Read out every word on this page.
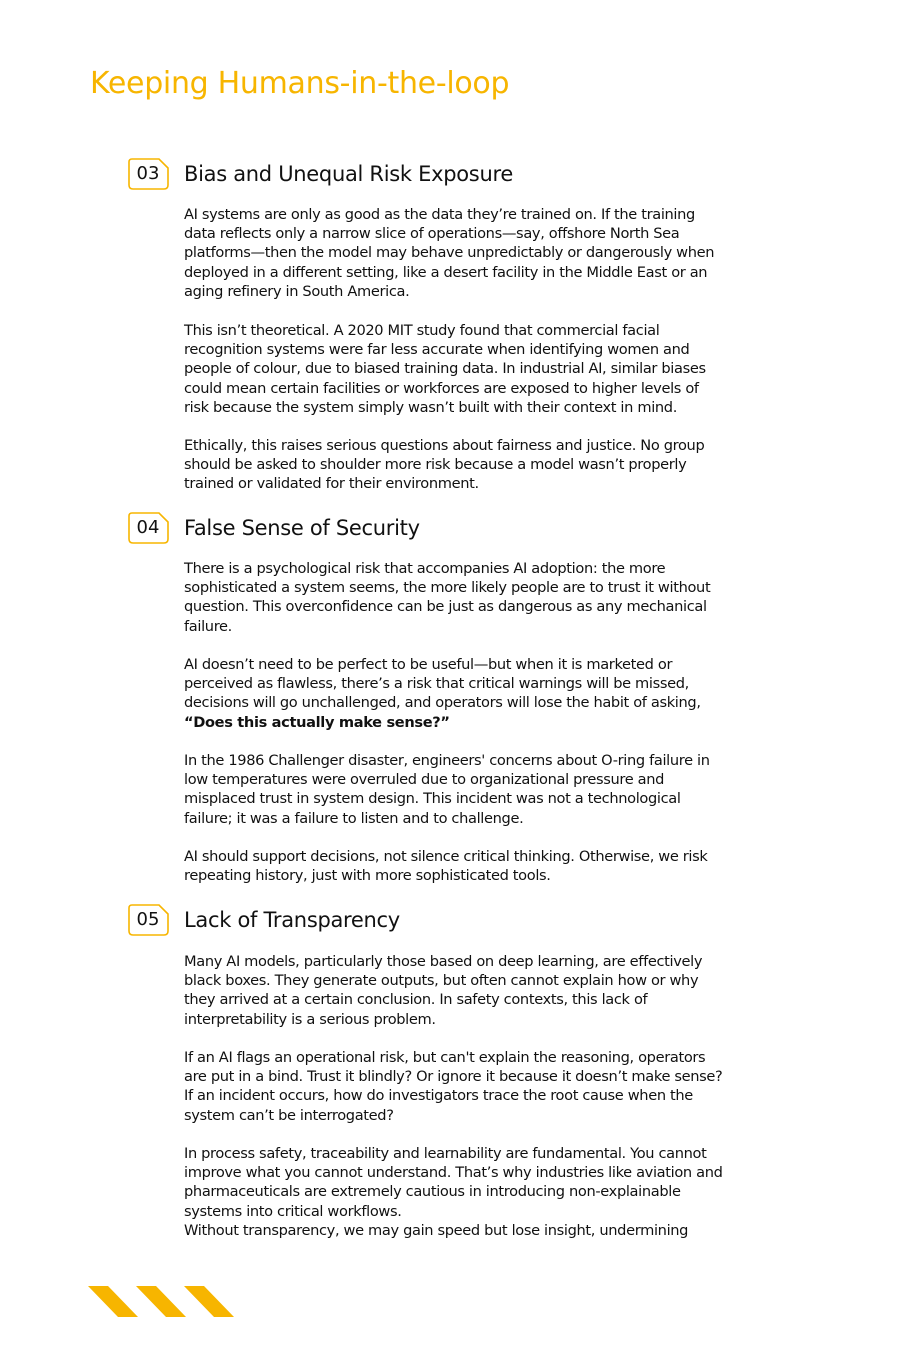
Keeping Humans-in-the-loop
03	Bias and Unequal Risk Exposure

AI systems are only as good as the data they’re trained on. If the training data reflects only a narrow slice of operations—say, offshore North Sea platforms—then the model may behave unpredictably or dangerously when deployed in a different setting, like a desert facility in the Middle East or an aging refinery in South America.

This isn’t theoretical. A 2020 MIT study found that commercial facial recognition systems were far less accurate when identifying women and people of colour, due to biased training data. In industrial AI, similar biases could mean certain facilities or workforces are exposed to higher levels of risk because the system simply wasn’t built with their context in mind.

Ethically, this raises serious questions about fairness and justice. No group should be asked to shoulder more risk because a model wasn’t properly trained or validated for their environment.

04	False Sense of Security

There is a psychological risk that accompanies AI adoption: the more sophisticated a system seems, the more likely people are to trust it without question. This overconfidence can be just as dangerous as any mechanical failure.

AI doesn’t need to be perfect to be useful—but when it is marketed or perceived as flawless, there’s a risk that critical warnings will be missed, decisions will go unchallenged, and operators will lose the habit of asking,
“Does this actually make sense?”

In the 1986 Challenger disaster, engineers' concerns about O-ring failure in low temperatures were overruled due to organizational pressure and misplaced trust in system design. This incident was not a technological failure; it was a failure to listen and to challenge.

AI should support decisions, not silence critical thinking. Otherwise, we risk repeating history, just with more sophisticated tools.

05	Lack of Transparency

Many AI models, particularly those based on deep learning, are effectively black boxes. They generate outputs, but often cannot explain how or why they arrived at a certain conclusion. In safety contexts, this lack of interpretability is a serious problem.

If an AI flags an operational risk, but can't explain the reasoning, operators are put in a bind. Trust it blindly? Or ignore it because it doesn’t make sense? If an incident occurs, how do investigators trace the root cause when the system can’t be interrogated?

In process safety, traceability and learnability are fundamental. You cannot improve what you cannot understand. That’s why industries like aviation and pharmaceuticals are extremely cautious in introducing non-explainable systems into critical workflows.
Without transparency, we may gain speed but lose insight, undermining
